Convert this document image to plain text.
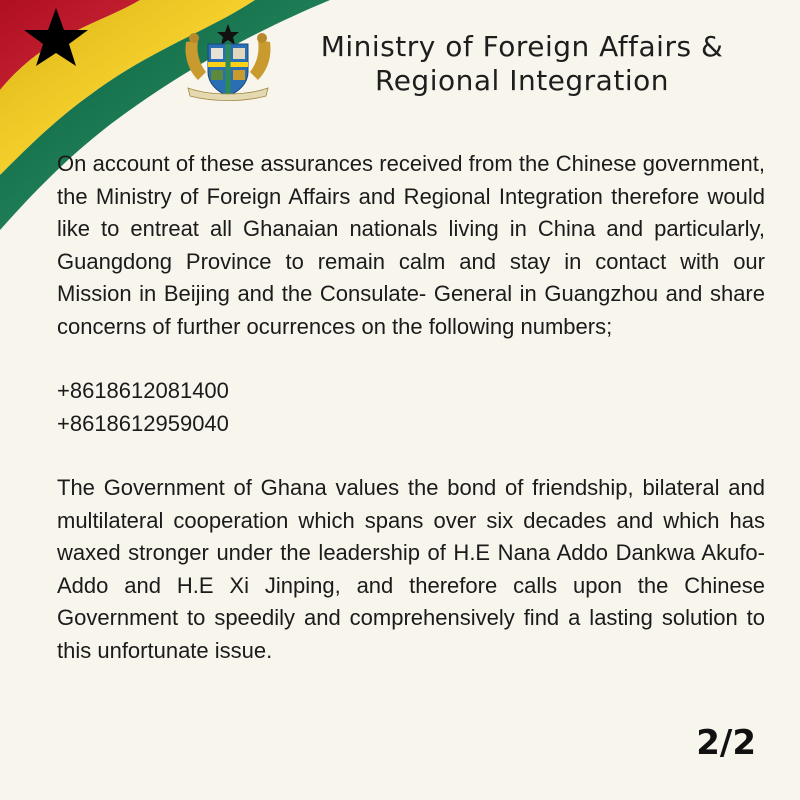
Ministry of Foreign Affairs &
Regional Integration

On account of these assurances received from the Chinese government, the Ministry of Foreign Affairs and Regional Integration therefore would like to entreat all Ghanaian nationals living in China and particularly, Guangdong Province to remain calm and stay in contact with our Mission in Beijing and the Consulate- General in Guangzhou and share concerns of further ocurrences on the following numbers;

+8618612081400
+8618612959040

The Government of Ghana values the bond of friendship, bilateral and multilateral cooperation which spans over six decades and which has waxed stronger under the leadership of H.E Nana Addo Dankwa Akufo-Addo and H.E Xi Jinping, and therefore calls upon the Chinese Government to speedily and comprehensively find a lasting solution to this unfortunate issue.

2/2
